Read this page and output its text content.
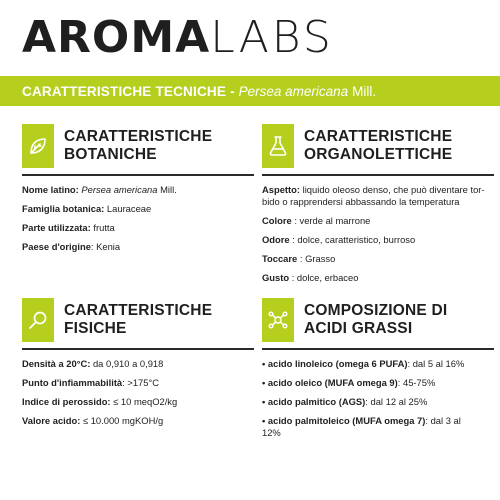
AROMA LABS
CARATTERISTICHE TECNICHE - Persea americana Mill.
CARATTERISTICHE
BOTANICHE
Nome latino: Persea americana Mill.
Famiglia botanica: Lauraceae
Parte utilizzata: frutta
Paese d'origine: Kenia
CARATTERISTICHE
ORGANOLETTICHE
Aspetto: liquido oleoso denso, che può diventare tor-
bido o rapprendersi abbassando la temperatura
Colore : verde al marrone
Odore : dolce, caratteristico, burroso
Toccare : Grasso
Gusto : dolce, erbaceo
CARATTERISTICHE
FISICHE
Densità a 20°C: da 0,910 a 0,918
Punto d'infiammabilità: >175°C
Indice di perossido: ≤ 10 meqO2/kg
Valore acido: ≤ 10.000 mgKOH/g
COMPOSIZIONE DI
ACIDI GRASSI
• acido linoleico (omega 6 PUFA): dal 5 al 16%
• acido oleico (MUFA omega 9): 45-75%
• acido palmitico (AGS): dal 12 al 25%
• acido palmitoleico (MUFA omega 7): dal 3 al
12%
